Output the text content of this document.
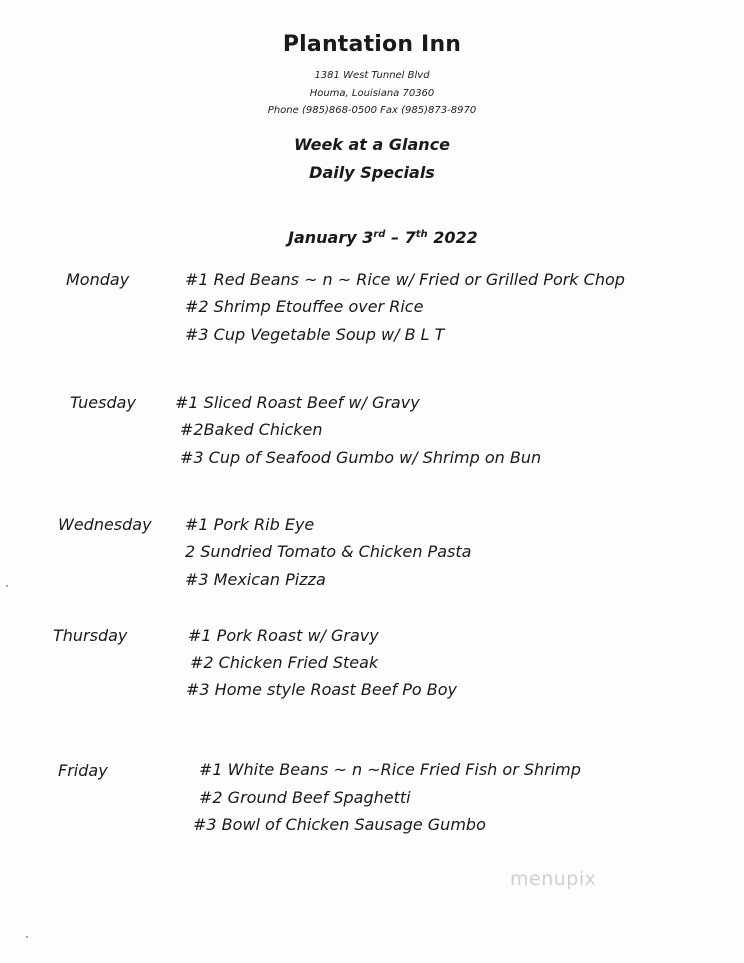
Plantation Inn
1381 West Tunnel Blvd
Houma, Louisiana 70360
Phone (985)868-0500 Fax (985)873-8970
Week at a Glance
Daily Specials
January 3rd – 7th 2022
Monday	#1 Red Beans ~ n ~ Rice w/ Fried or Grilled Pork Chop
#2 Shrimp Etouffee over Rice
#3 Cup Vegetable Soup w/ B L T
Tuesday #1 Sliced Roast Beef w/ Gravy
#2Baked Chicken
#3 Cup of Seafood Gumbo w/ Shrimp on Bun
Wednesday #1 Pork Rib Eye
2 Sundried Tomato & Chicken Pasta
#3 Mexican Pizza
Thursday	#1 Pork Roast w/ Gravy
#2 Chicken Fried Steak
#3 Home style Roast Beef Po Boy
Friday	#1 White Beans ~ n ~Rice Fried Fish or Shrimp
#2 Ground Beef Spaghetti
#3 Bowl of Chicken Sausage Gumbo
menupix
